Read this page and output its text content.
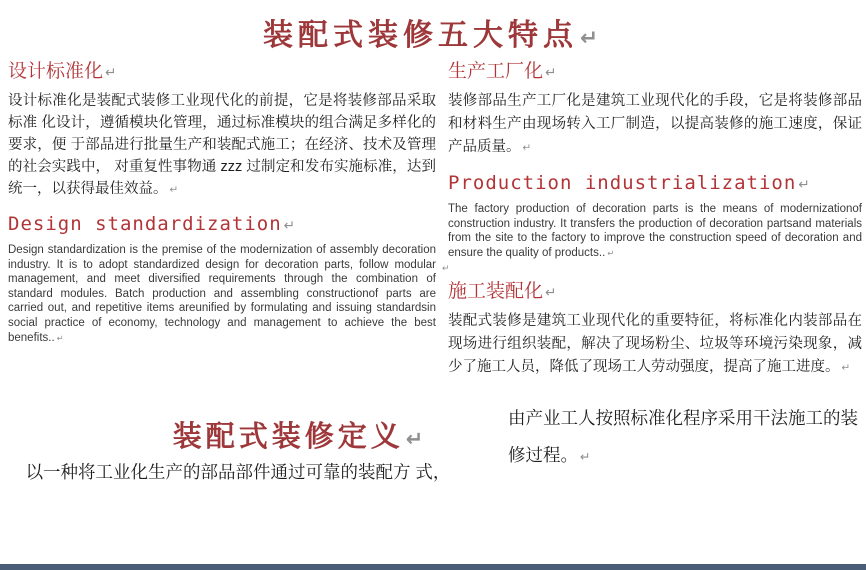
装配式装修五大特点↵
设计标准化 ↵

设计标准化是装配式装修工业现代化的前提，它是将装修部品采取标准 化设计，遵循模块化管理，通过标准模块的组合满足多样化的要求，便 于部品进行批量生产和装配式施工；在经济、技术及管理的社会实践中， 对重复性事物通 zzz 过制定和发布实施标准，达到统一，以获得最佳效益。 ↵

Design standardization ↵

Design standardization is the premise of the modernization of assembly decoration industry. It is to adopt standardized design for decoration parts, follow modular management, and meet diversified requirements through the combination of standard modules. Batch production and assembling constructionof parts are carried out, and repetitive items areunified by formulating and issuing standardsin social practice of economy, technology and management to achieve the best benefits.. ↵

生产工厂化 ↵

装修部品生产工厂化是建筑工业现代化的手段，它是将装修部品和材料生产由现场转入工厂制造，以提高装修的施工速度，保证产品质量。 ↵

Production industrialization ↵

The factory production of decoration parts is the means of modernizationof construction industry. It transfers the production of decoration partsand materials from the site to the factory to improve the construction speed of decoration and ensure the quality of products.. ↵

↵
施工装配化 ↵

装配式装修是建筑工业现代化的重要特征，将标准化内装部品在现场进行组织装配，解决了现场粉尘、垃圾等环境污染现象，减少了施工人员，降低了现场工人劳动强度，提高了施工进度。 ↵

装配式装修定义↵

以一种将工业化生产的部品部件通过可靠的装配方 式，

由产业工人按照标准化程序采用干法施工的装 修过程。 ↵
